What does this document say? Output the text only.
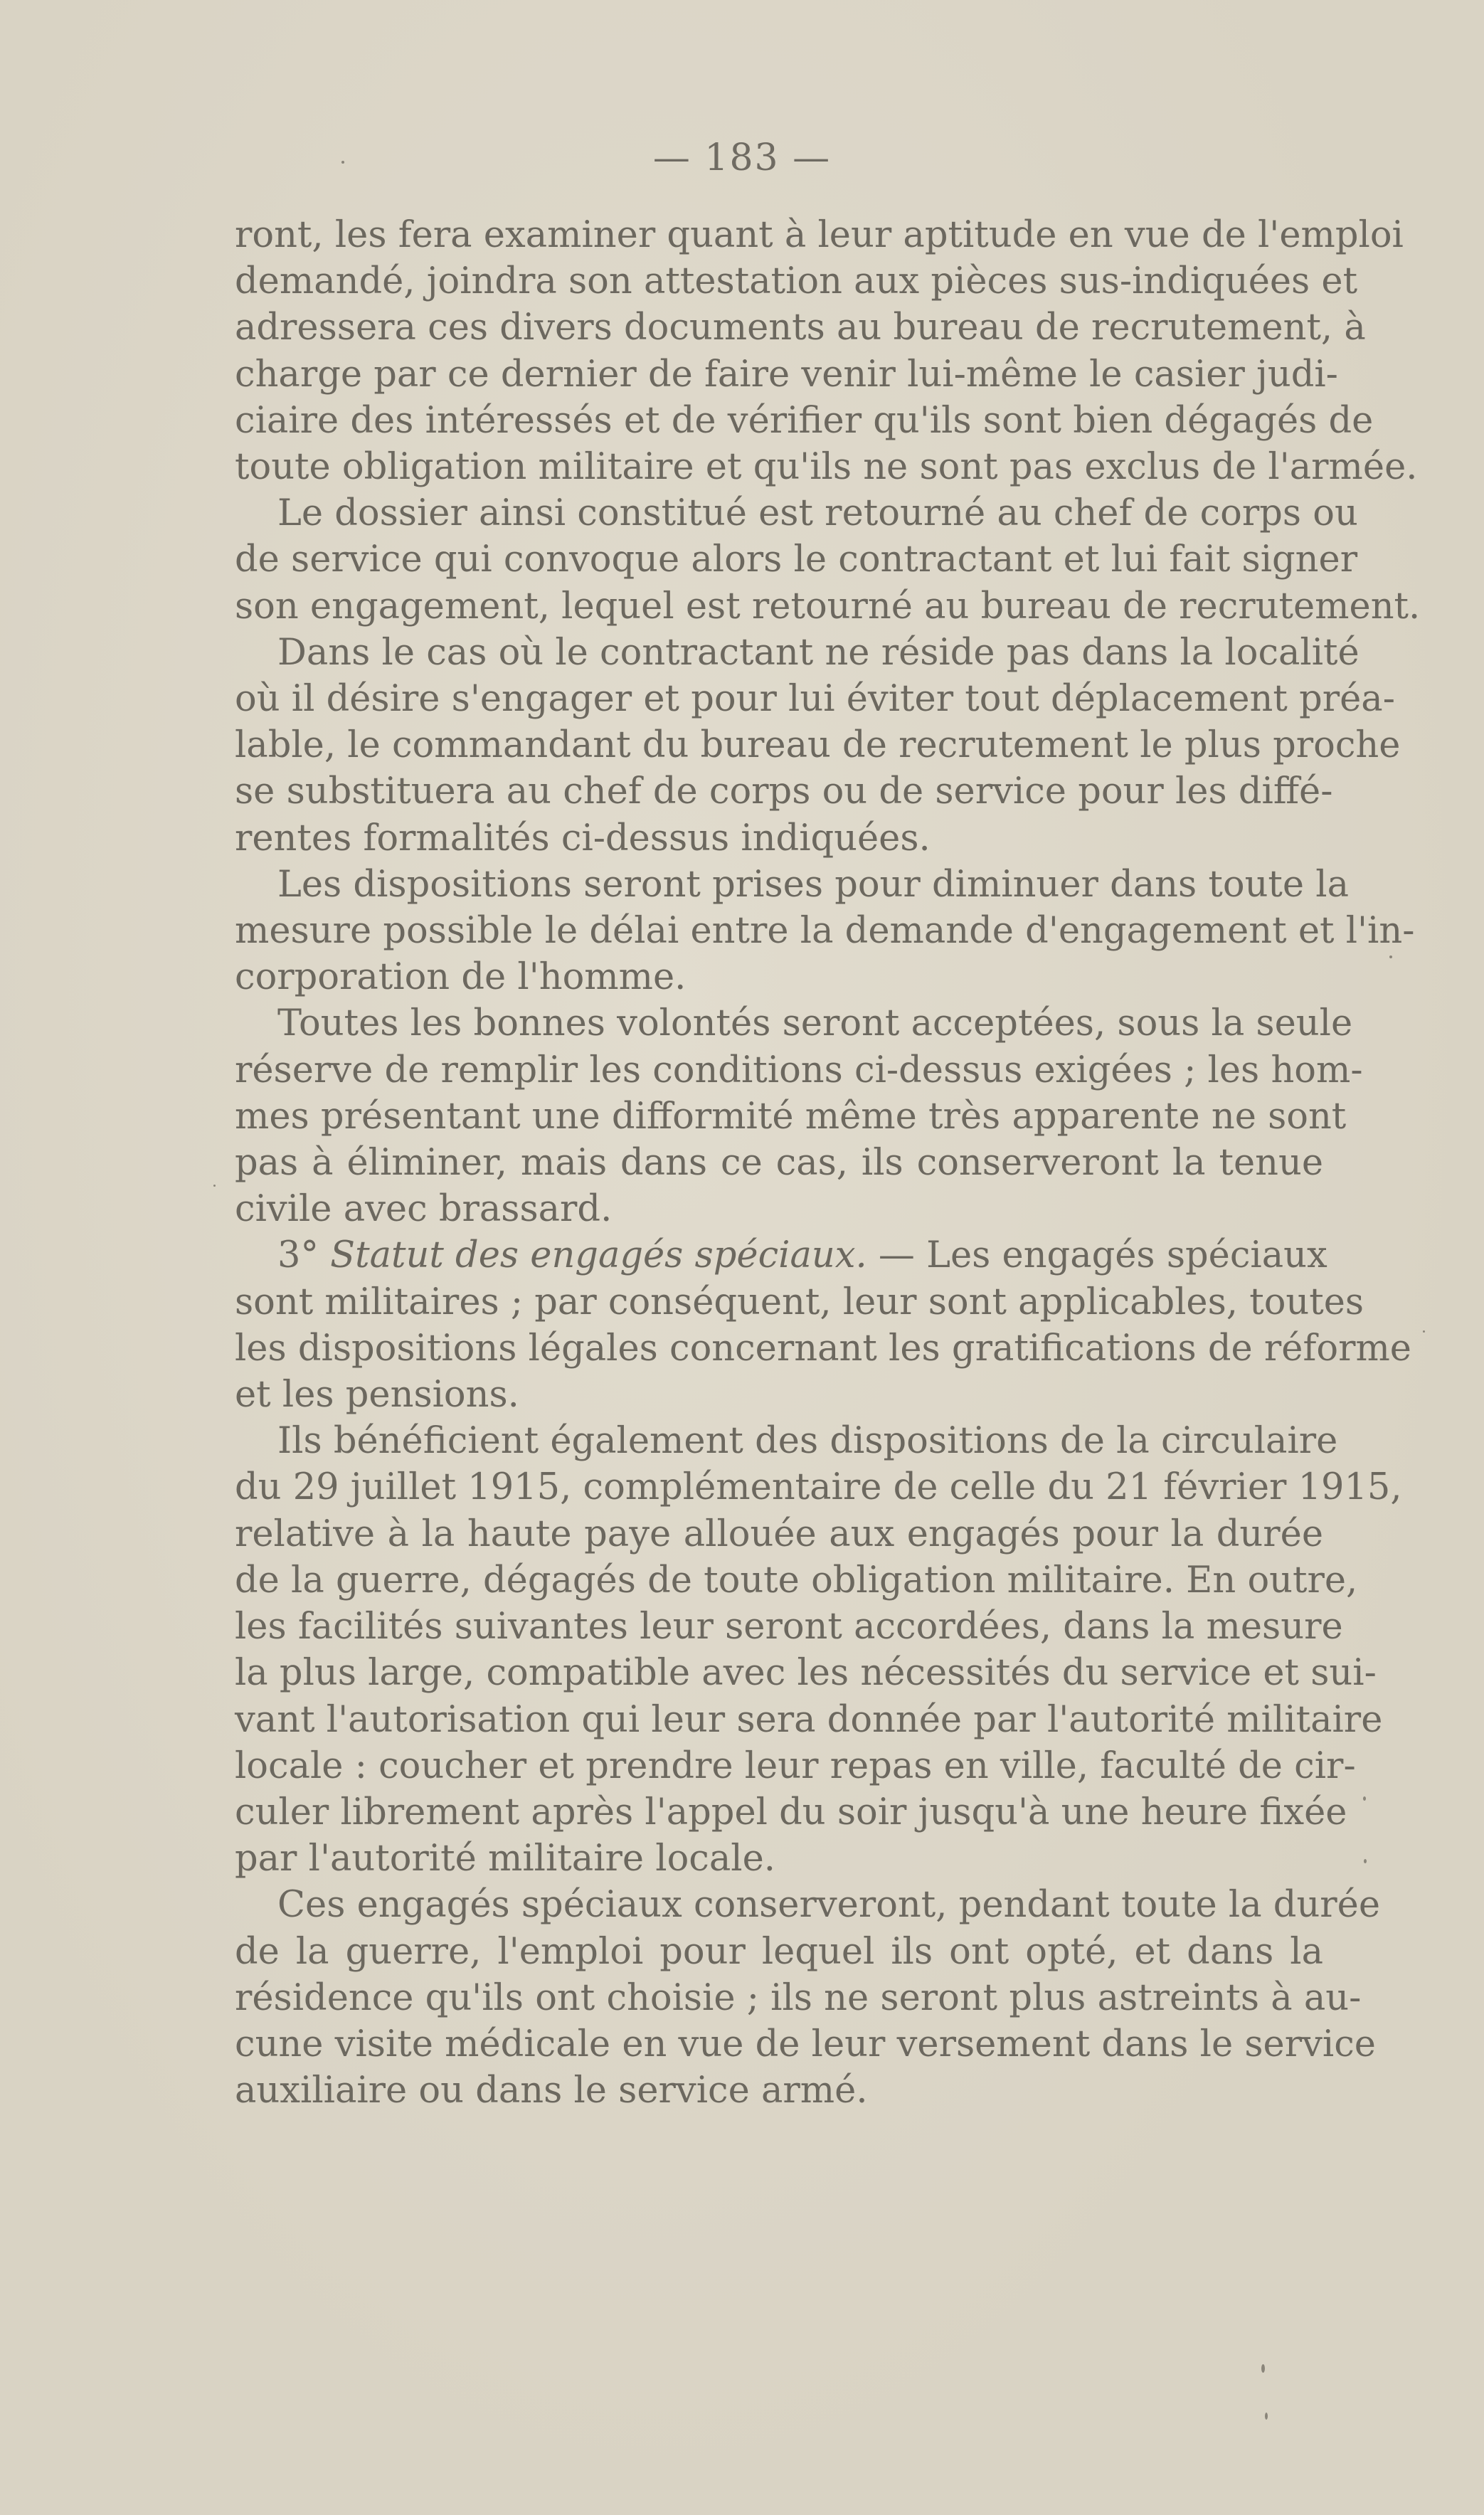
— 183 —

ront, les fera examiner quant à leur aptitude en vue de l'emploi
demandé, joindra son attestation aux pièces sus-indiquées et
adressera ces divers documents au bureau de recrutement, à
charge par ce dernier de faire venir lui-même le casier judi-
ciaire des intéressés et de vérifier qu'ils sont bien dégagés de
toute obligation militaire et qu'ils ne sont pas exclus de l'armée.

Le dossier ainsi constitué est retourné au chef de corps ou
de service qui convoque alors le contractant et lui fait signer
son engagement, lequel est retourné au bureau de recrutement.

Dans le cas où le contractant ne réside pas dans la localité
où il désire s'engager et pour lui éviter tout déplacement préa-
lable, le commandant du bureau de recrutement le plus proche
se substituera au chef de corps ou de service pour les diffé-
rentes formalités ci-dessus indiquées.

Les dispositions seront prises pour diminuer dans toute la
mesure possible le délai entre la demande d'engagement et l'in-
corporation de l'homme.

Toutes les bonnes volontés seront acceptées, sous la seule
réserve de remplir les conditions ci-dessus exigées ; les hom-
mes présentant une difformité même très apparente ne sont
pas à éliminer, mais dans ce cas, ils conserveront la tenue
civile avec brassard.

3° Statut des engagés spéciaux. — Les engagés spéciaux
sont militaires ; par conséquent, leur sont applicables, toutes
les dispositions légales concernant les gratifications de réforme
et les pensions.

Ils bénéficient également des dispositions de la circulaire
du 29 juillet 1915, complémentaire de celle du 21 février 1915,
relative à la haute paye allouée aux engagés pour la durée
de la guerre, dégagés de toute obligation militaire. En outre,
les facilités suivantes leur seront accordées, dans la mesure
la plus large, compatible avec les nécessités du service et sui-
vant l'autorisation qui leur sera donnée par l'autorité militaire
locale : coucher et prendre leur repas en ville, faculté de cir-
culer librement après l'appel du soir jusqu'à une heure fixée
par l'autorité militaire locale.

Ces engagés spéciaux conserveront, pendant toute la durée
de la guerre, l'emploi pour lequel ils ont opté, et dans la
résidence qu'ils ont choisie ; ils ne seront plus astreints à au-
cune visite médicale en vue de leur versement dans le service
auxiliaire ou dans le service armé.
